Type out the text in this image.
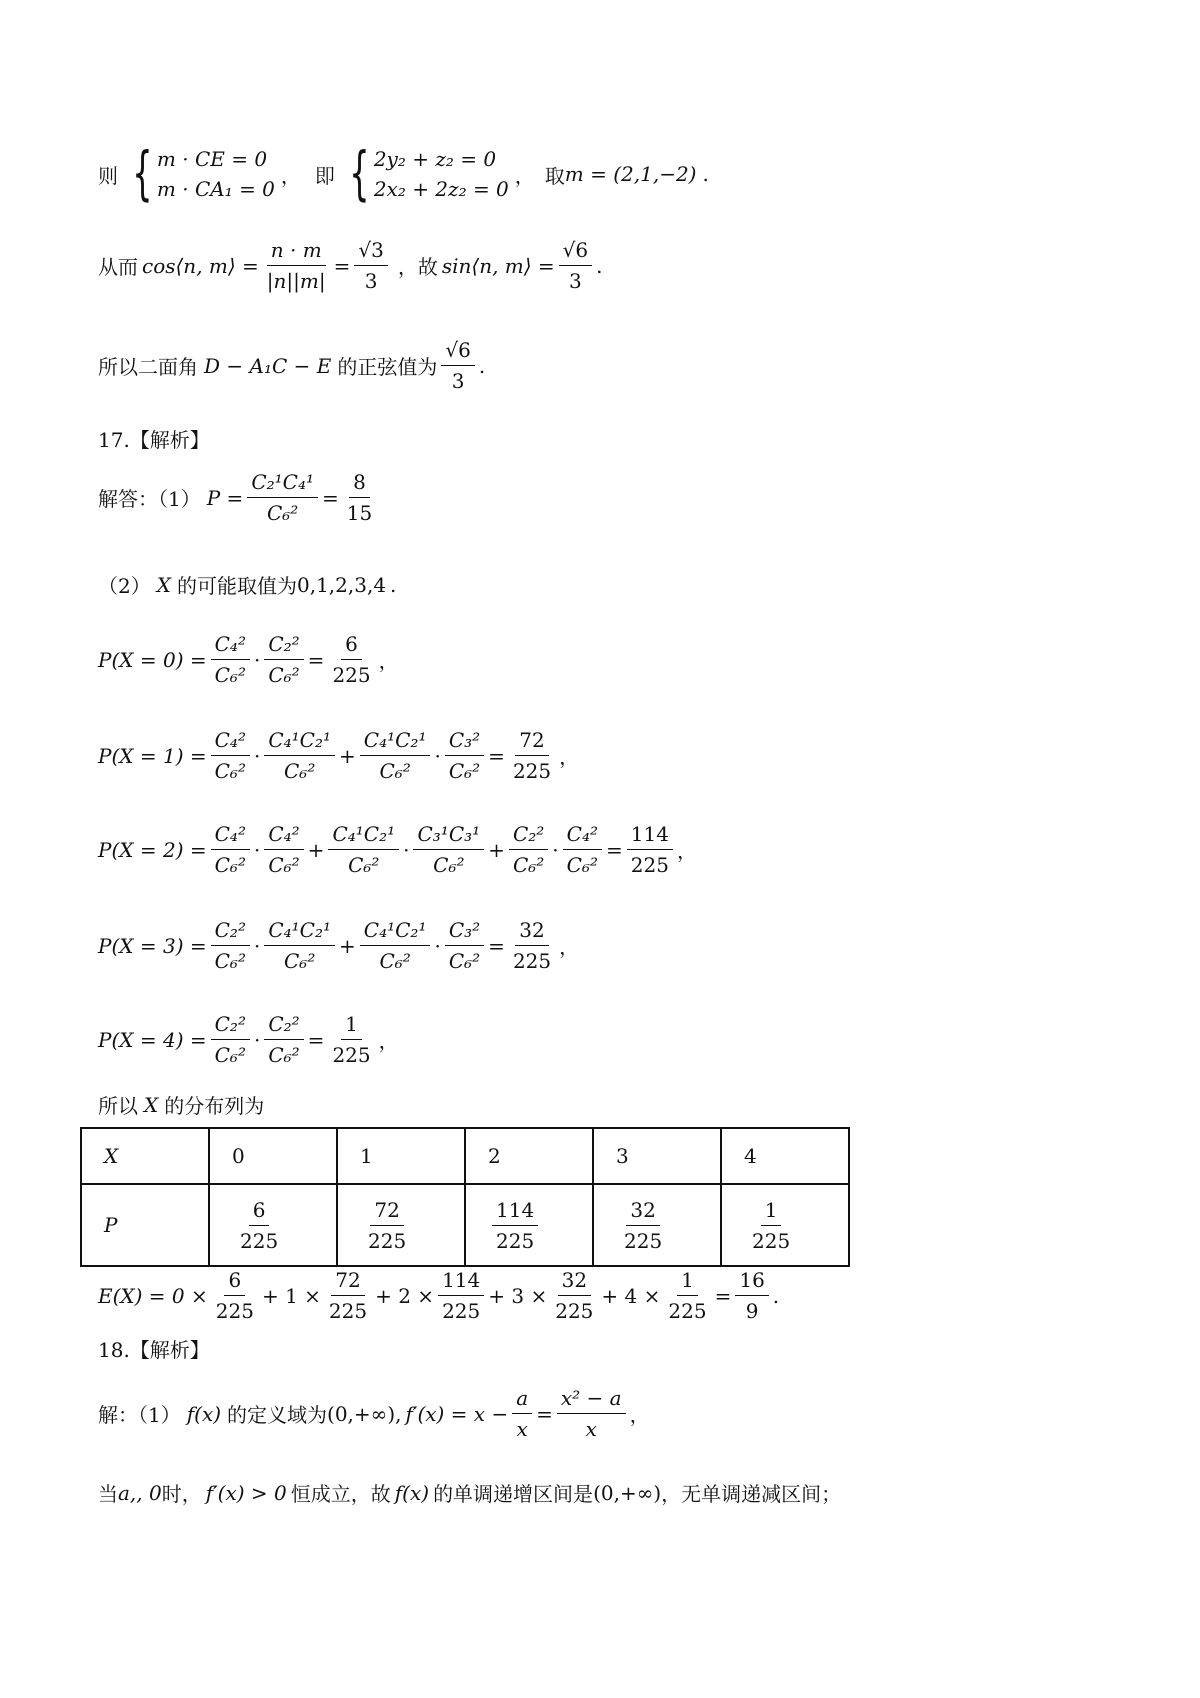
则 { m · CE = 0
m · CA₁ = 0
， 即 { 2y₂ + z₂ = 0
2x₂ + 2z₂ = 0
， 取 m = (2,1,−2) .
从而 cos⟨n, m⟩ = $\frac{n \cdot m}{|n||m|} = \frac{√3}{3}$ ，故 sin⟨n, m⟩ = $\frac{√6}{3}$ .
所以二面角 D − A₁C − E 的正弦值为 $\frac{√6}{3}$ .
17.【解析】
解答：（1） $P = \frac{\text{C₂¹C₄¹}}{\text{C₆²}} = \frac{8}{15}$
（2） X 的可能取值为 0,1,2,3,4 .
$P(X = 0) = \frac{\text{C₄²}}{\text{C₆²}} \cdot \frac{\text{C₂²}}{\text{C₆²}} = \frac{6}{225}$ ，
$P(X = 1) = \frac{\text{C₄²}}{\text{C₆²}} \cdot \frac{\text{C₄¹C₂¹}}{\text{C₆²}} + \frac{\text{C₄¹C₂¹}}{\text{C₆²}} \cdot \frac{\text{C₃²}}{\text{C₆²}} = \frac{72}{225}$ ，
$P(X = 2) = \frac{\text{C₄²}}{\text{C₆²}} \cdot \frac{\text{C₄²}}{\text{C₆²}} + \frac{\text{C₄¹C₂¹}}{\text{C₆²}} \cdot \frac{\text{C₃¹C₃¹}}{\text{C₆²}} + \frac{\text{C₂²}}{\text{C₆²}} \cdot \frac{\text{C₄²}}{\text{C₆²}} = \frac{114}{225}$ ，
$P(X = 3) = \frac{\text{C₂²}}{\text{C₆²}} \cdot \frac{\text{C₄¹C₂¹}}{\text{C₆²}} + \frac{\text{C₄¹C₂¹}}{\text{C₆²}} \cdot \frac{\text{C₃²}}{\text{C₆²}} = \frac{32}{225}$ ，
$P(X = 4) = \frac{\text{C₂²}}{\text{C₆²}} \cdot \frac{\text{C₂²}}{\text{C₆²}} = \frac{1}{225}$ ，
所以 X 的分布列为
X	0	1	2	3	4
P	$\frac{6}{225}$	$\frac{72}{225}$	$\frac{114}{225}$	$\frac{32}{225}$	$\frac{1}{225}$
$E(X) = 0 \times \frac{6}{225} + 1 \times \frac{72}{225} + 2 \times \frac{114}{225} + 3 \times \frac{32}{225} + 4 \times \frac{1}{225} = \frac{16}{9}$ .
18.【解析】
解：（1） f(x) 的定义域为 (0,+∞), $f'(x) = x - \frac{a}{x} = \frac{\text{x² − a}}{x}$ ，
当 a,, 0 时， f′(x) > 0 恒成立，故 f(x) 的单调递增区间是 (0,+∞) ，无单调递减区间；
